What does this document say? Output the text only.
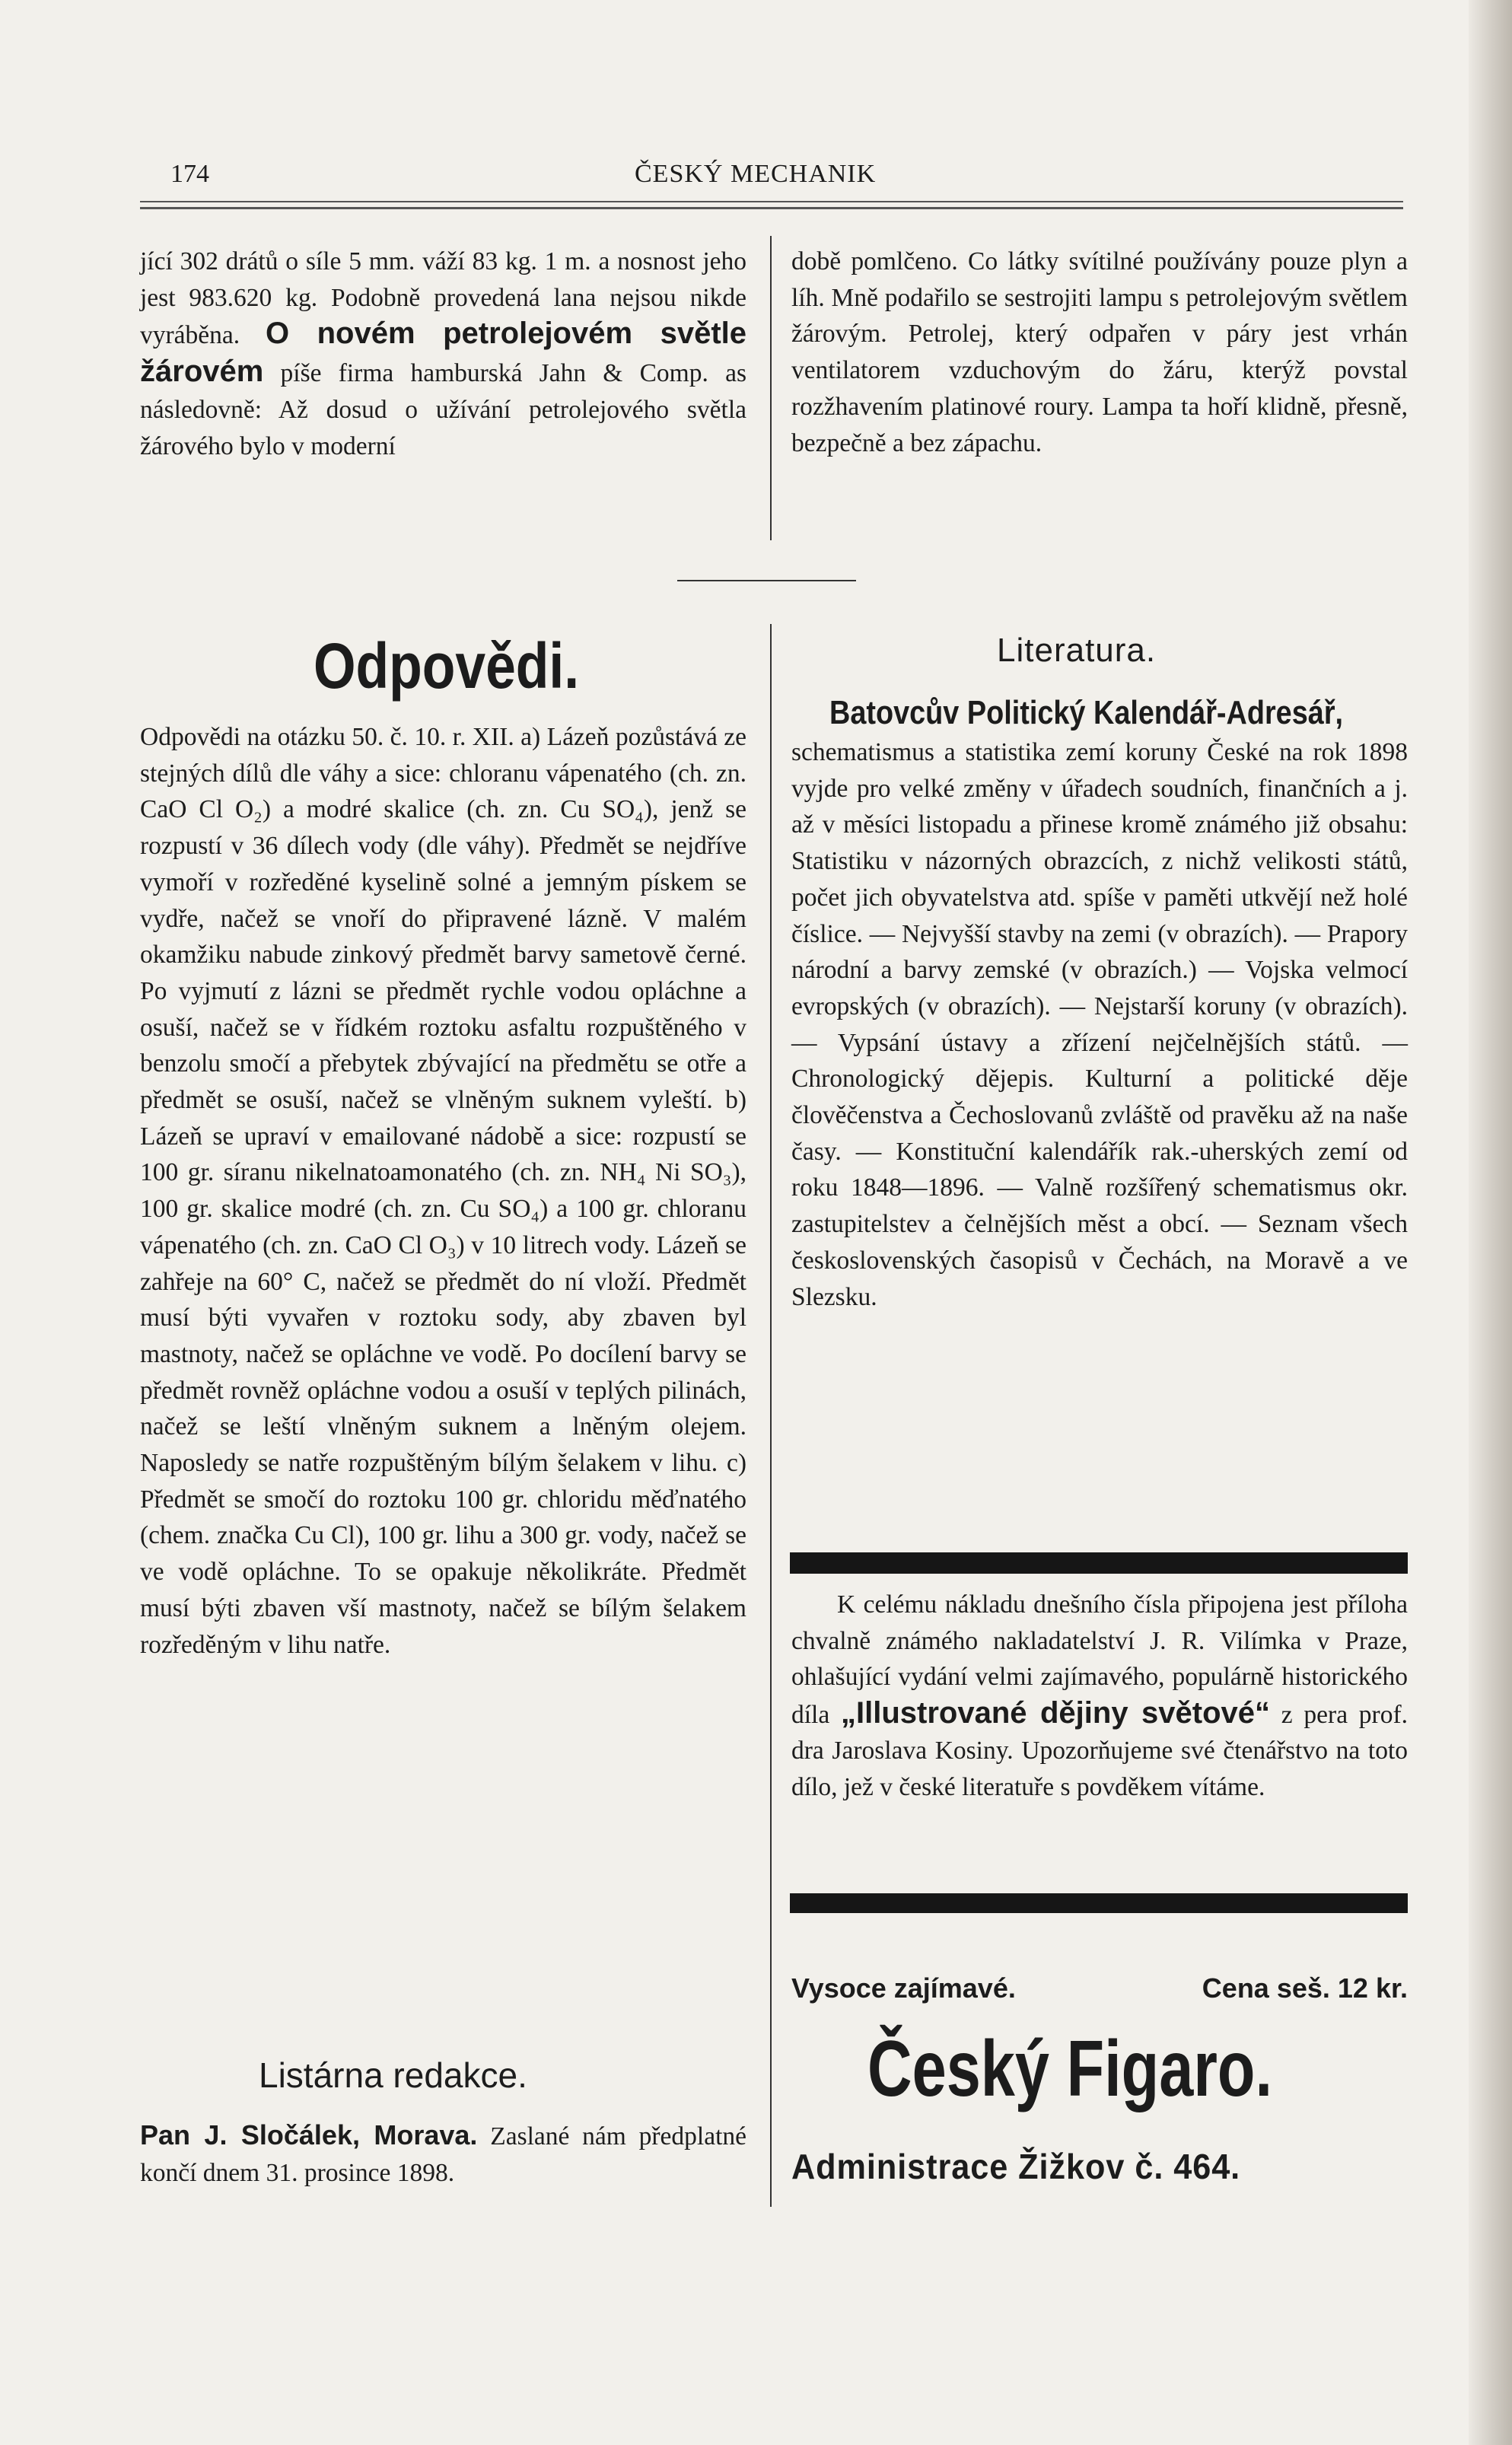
174	ČESKÝ MECHANIK

jící 302 drátů o síle 5 mm. váží 83 kg. 1 m. a nosnost jeho jest 983.620 kg. Podobně provedená lana nejsou nikde vyráběna. O novém petrolejovém světle žárovém píše firma hamburská Jahn & Comp. as následovně: Až dosud o užívání petrolejového světla žárového bylo v moderní

době pomlčeno. Co látky svítilné používány pouze plyn a líh. Mně podařilo se sestrojiti lampu s petrolejovým světlem žárovým. Petrolej, který odpařen v páry jest vrhán ventilatorem vzduchovým do žáru, kterýž povstal rozžhavením platinové roury. Lampa ta hoří klidně, přesně, bezpečně a bez zápachu.

Odpovědi.

Odpovědi na otázku 50. č. 10. r. XII. a) Lázeň pozůstává ze stejných dílů dle váhy a sice: chloranu vápenatého (ch. zn. CaO Cl O₂) a modré skalice (ch. zn. Cu SO₄), jenž se rozpustí v 36 dílech vody (dle váhy). Předmět se nejdříve vymoří v rozředěné kyselině solné a jemným pískem se vydře, načež se vnoří do připravené lázně. V malém okamžiku nabude zinkový předmět barvy sametově černé. Po vyjmutí z lázni se předmět rychle vodou opláchne a osuší, načež se v řídkém roztoku asfaltu rozpuštěného v benzolu smočí a přebytek zbývající na předmětu se otře a předmět se osuší, načež se vlněným suknem vyleští. b) Lázeň se upraví v emailované nádobě a sice: rozpustí se 100 gr. síranu nikelnatoamonatého (ch. zn. NH₄ Ni SO₃), 100 gr. skalice modré (ch. zn. Cu SO₄) a 100 gr. chloranu vápenatého (ch. zn. CaO Cl O₃) v 10 litrech vody. Lázeň se zahřeje na 60° C, načež se předmět do ní vloží. Předmět musí býti vyvařen v roztoku sody, aby zbaven byl mastnoty, načež se opláchne ve vodě. Po docílení barvy se předmět rovněž opláchne vodou a osuší v teplých pilinách, načež se leští vlněným suknem a lněným olejem. Naposledy se natře rozpuštěným bílým šelakem v lihu. c) Předmět se smočí do roztoku 100 gr. chloridu měďnatého (chem. značka Cu Cl), 100 gr. lihu a 300 gr. vody, načež se ve vodě opláchne. To se opakuje několikráte. Předmět musí býti zbaven vší mastnoty, načež se bílým šelakem rozředěným v lihu natře.

Listárna redakce.

Pan J. Sločálek, Morava. Zaslané nám předplatné končí dnem 31. prosince 1898.

Literatura.
Batovcův Politický Kalendář-Adresář,

schematismus a statistika zemí koruny České na rok 1898 vyjde pro velké změny v úřadech soudních, finančních a j. až v měsíci listopadu a přinese kromě známého již obsahu: Statistiku v názorných obrazcích, z nichž velikosti států, počet jich obyvatelstva atd. spíše v paměti utkvějí než holé číslice. — Nejvyšší stavby na zemi (v obrazích). — Prapory národní a barvy zemské (v obrazích.) — Vojska velmocí evropských (v obrazích). — Nejstarší koruny (v obrazích). — Vypsání ústavy a zřízení nejčelnějších států. — Chronologický dějepis. Kulturní a politické děje člověčenstva a Čechoslovanů zvláště od pravěku až na naše časy. — Konstituční kalendářík rak.-uherských zemí od roku 1848—1896. — Valně rozšířený schematismus okr. zastupitelstev a čelnějších měst a obcí. — Seznam všech československých časopisů v Čechách, na Moravě a ve Slezsku.

K celému nákladu dnešního čísla připojena jest příloha chvalně známého nakladatelství J. R. Vilímka v Praze, ohlašující vydání velmi zajímavého, populárně historického díla „Illustrované dějiny světové“ z pera prof. dra Jaroslava Kosiny. Upozorňujeme své čtenářstvo na toto dílo, jež v české literatuře s povděkem vítáme.

Vysoce zajímavé.	Cena seš. 12 kr.
Český Figaro.
Administrace Žižkov č. 464.
